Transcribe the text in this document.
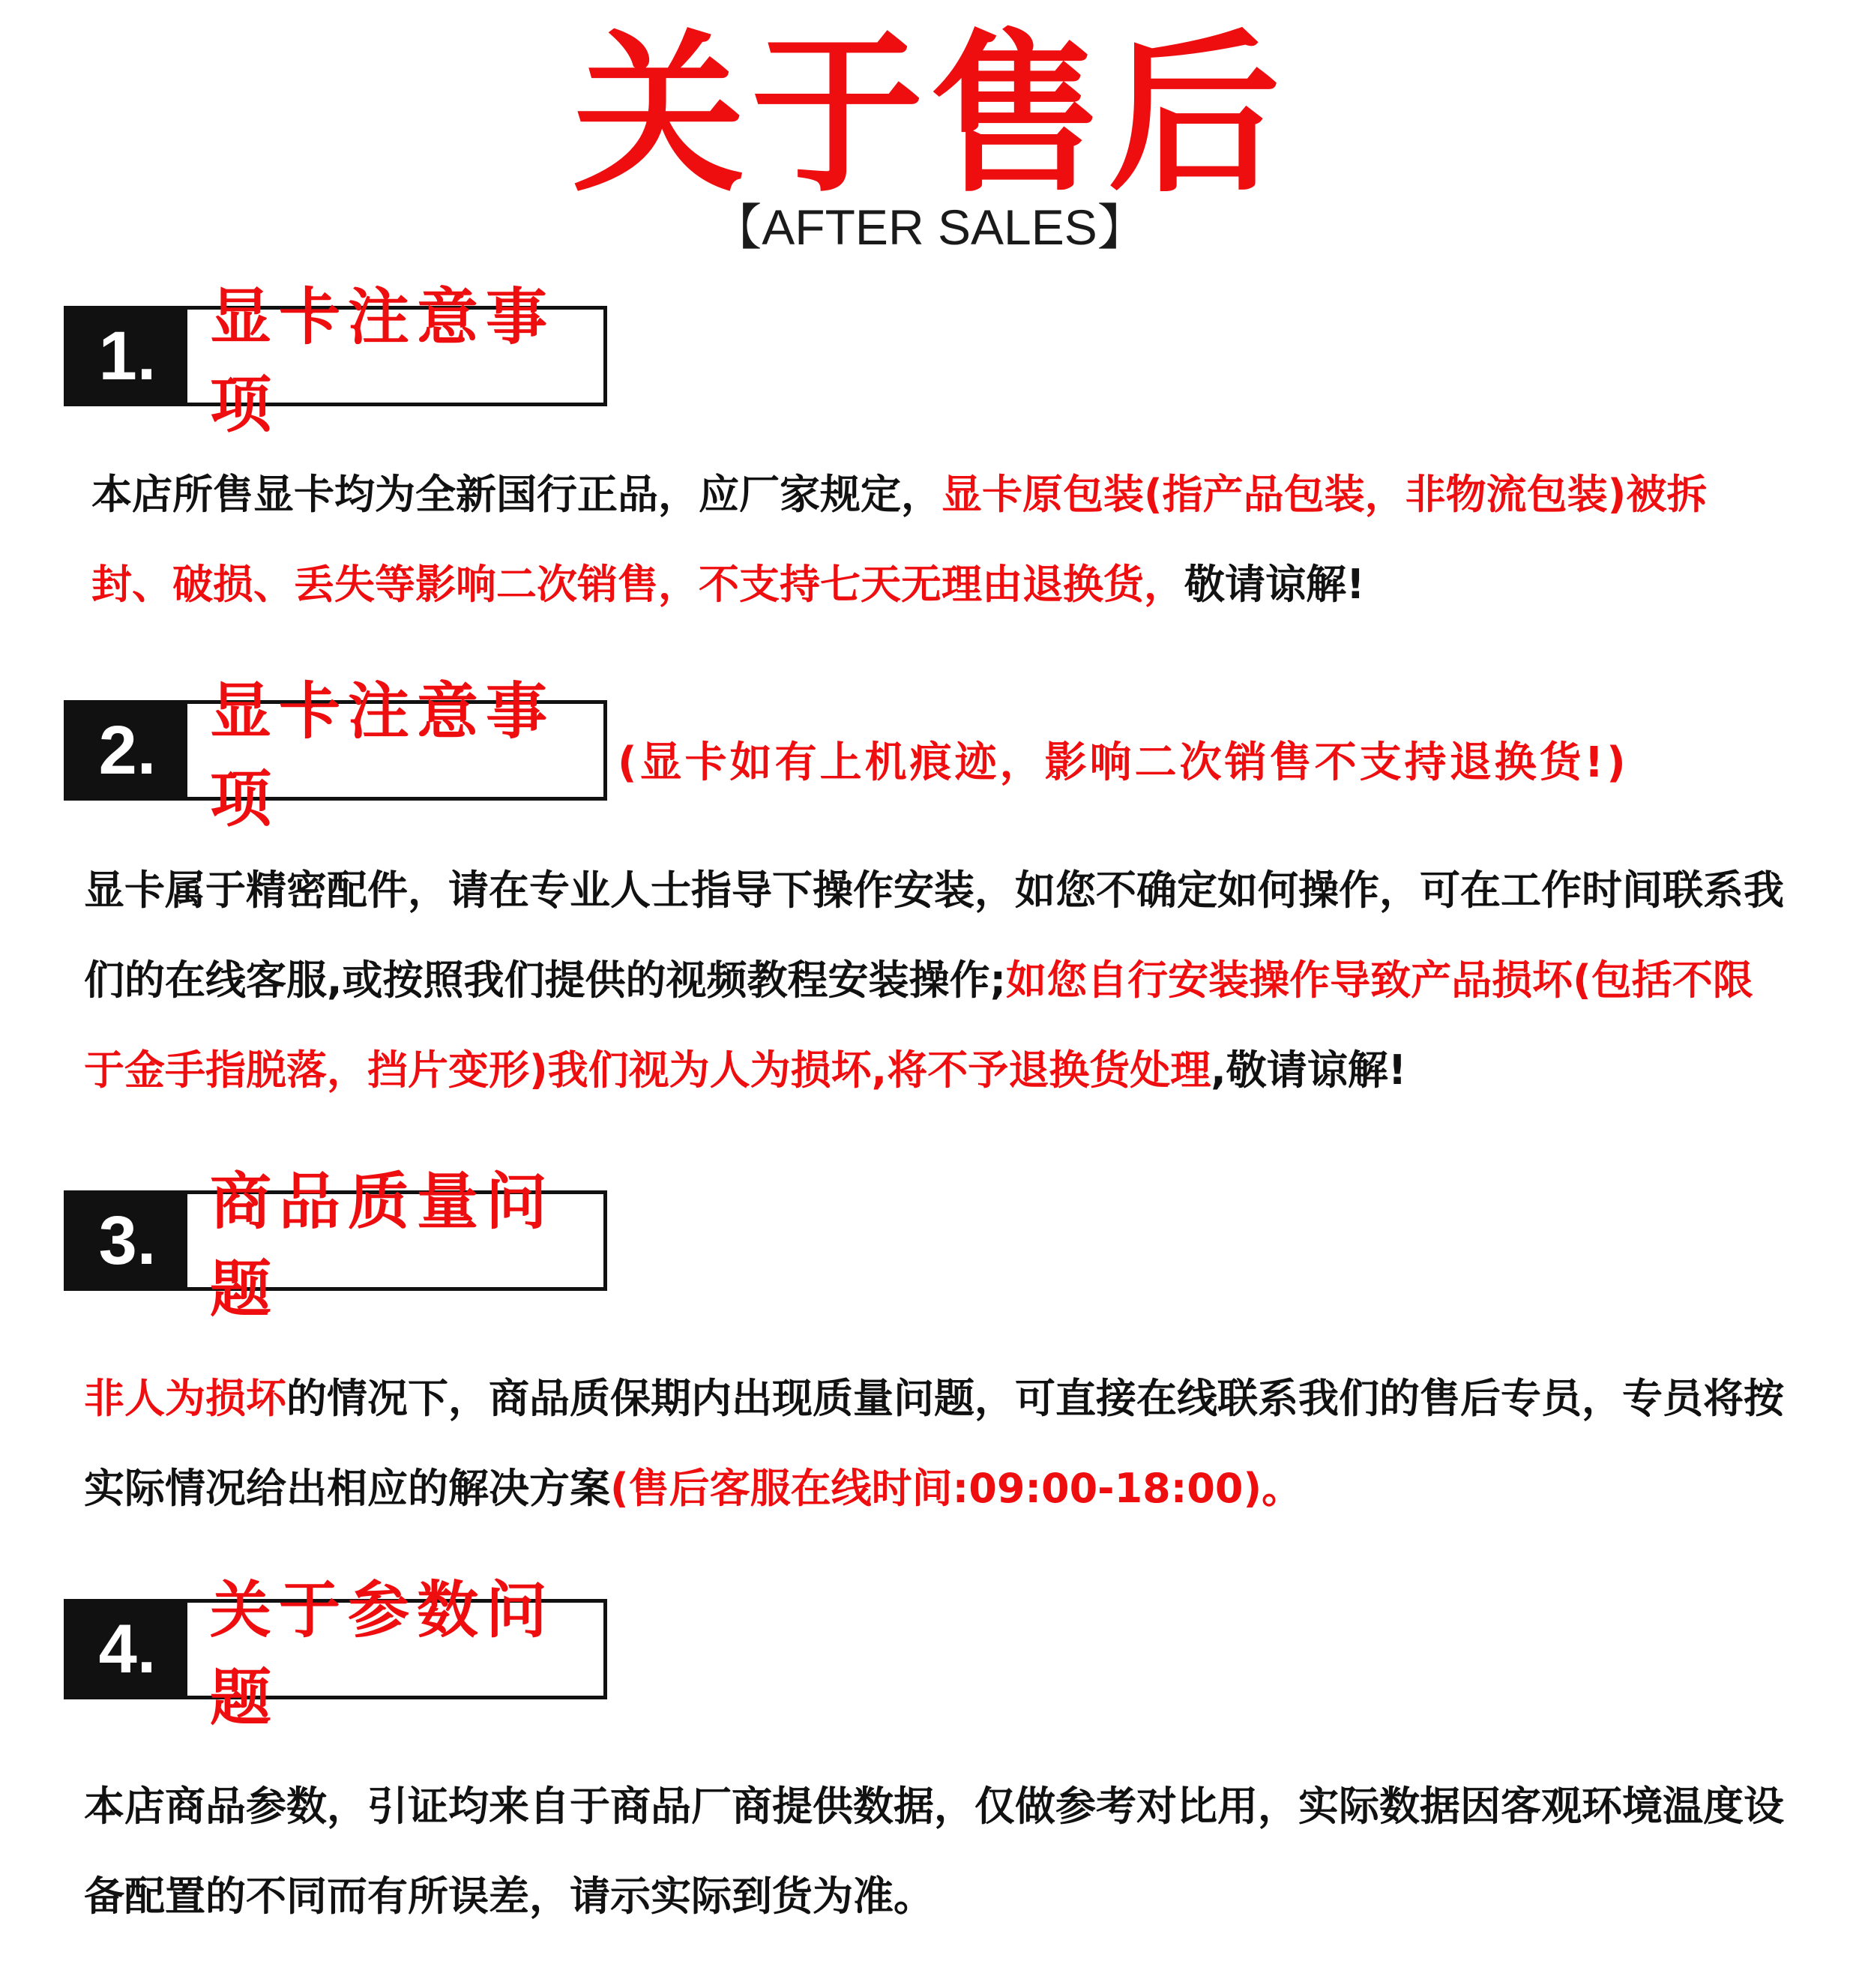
关于售后
【AFTER SALES】
1. 显卡注意事项
本店所售显卡均为全新国行正品，应厂家规定，显卡原包装(指产品包装，非物流包装)被拆封、破损、丢失等影响二次销售，不支持七天无理由退换货，敬请谅解!
2. 显卡注意事项
(显卡如有上机痕迹，影响二次销售不支持退换货!)
显卡属于精密配件，请在专业人士指导下操作安装，如您不确定如何操作，可在工作时间联系我们的在线客服,或按照我们提供的视频教程安装操作;如您自行安装操作导致产品损坏(包括不限于金手指脱落，挡片变形)我们视为人为损坏,将不予退换货处理,敬请谅解!
3. 商品质量问题
非人为损坏的情况下，商品质保期内出现质量问题，可直接在线联系我们的售后专员，专员将按实际情况给出相应的解决方案(售后客服在线时间:09:00-18:00)。
4. 关于参数问题
本店商品参数，引证均来自于商品厂商提供数据，仅做参考对比用，实际数据因客观环境温度设备配置的不同而有所误差，请示实际到货为准。
